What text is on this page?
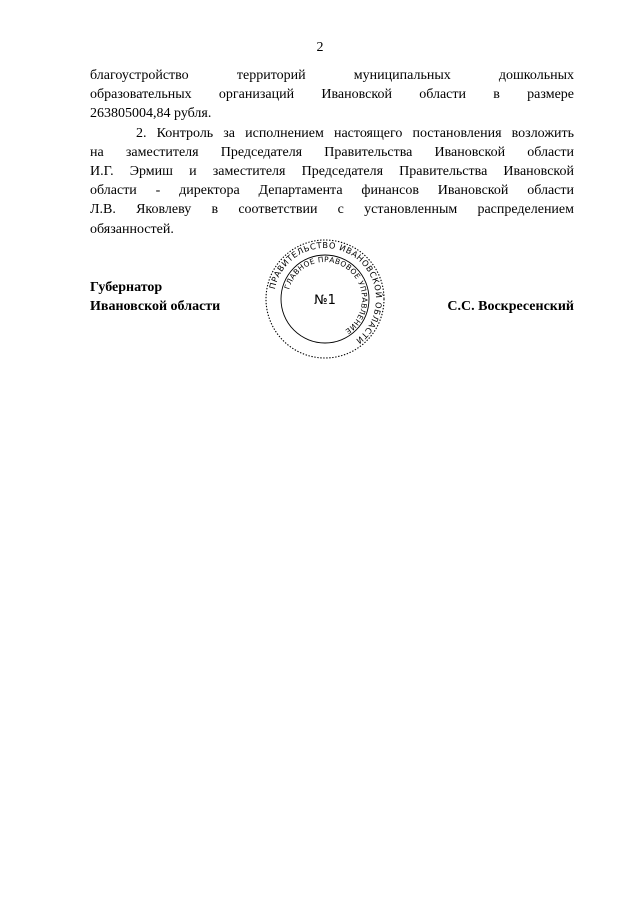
2
благоустройство территорий муниципальных дошкольных
образовательных организаций Ивановской области в размере
263805004,84 рубля.
2. Контроль за исполнением настоящего постановления возложить
на заместителя Председателя Правительства Ивановской области
И.Г. Эрмиш и заместителя Председателя Правительства Ивановской
области - директора Департамента финансов Ивановской области
Л.В. Яковлеву в соответствии с установленным распределением
обязанностей.
Губернатор
Ивановской области	С.С. Воскресенский
ПРАВИТЕЛЬСТВО ИВАНОВСКОЙ ОБЛАСТИ
ГЛАВНОЕ ПРАВОВОЕ УПРАВЛЕНИЕ
№1
